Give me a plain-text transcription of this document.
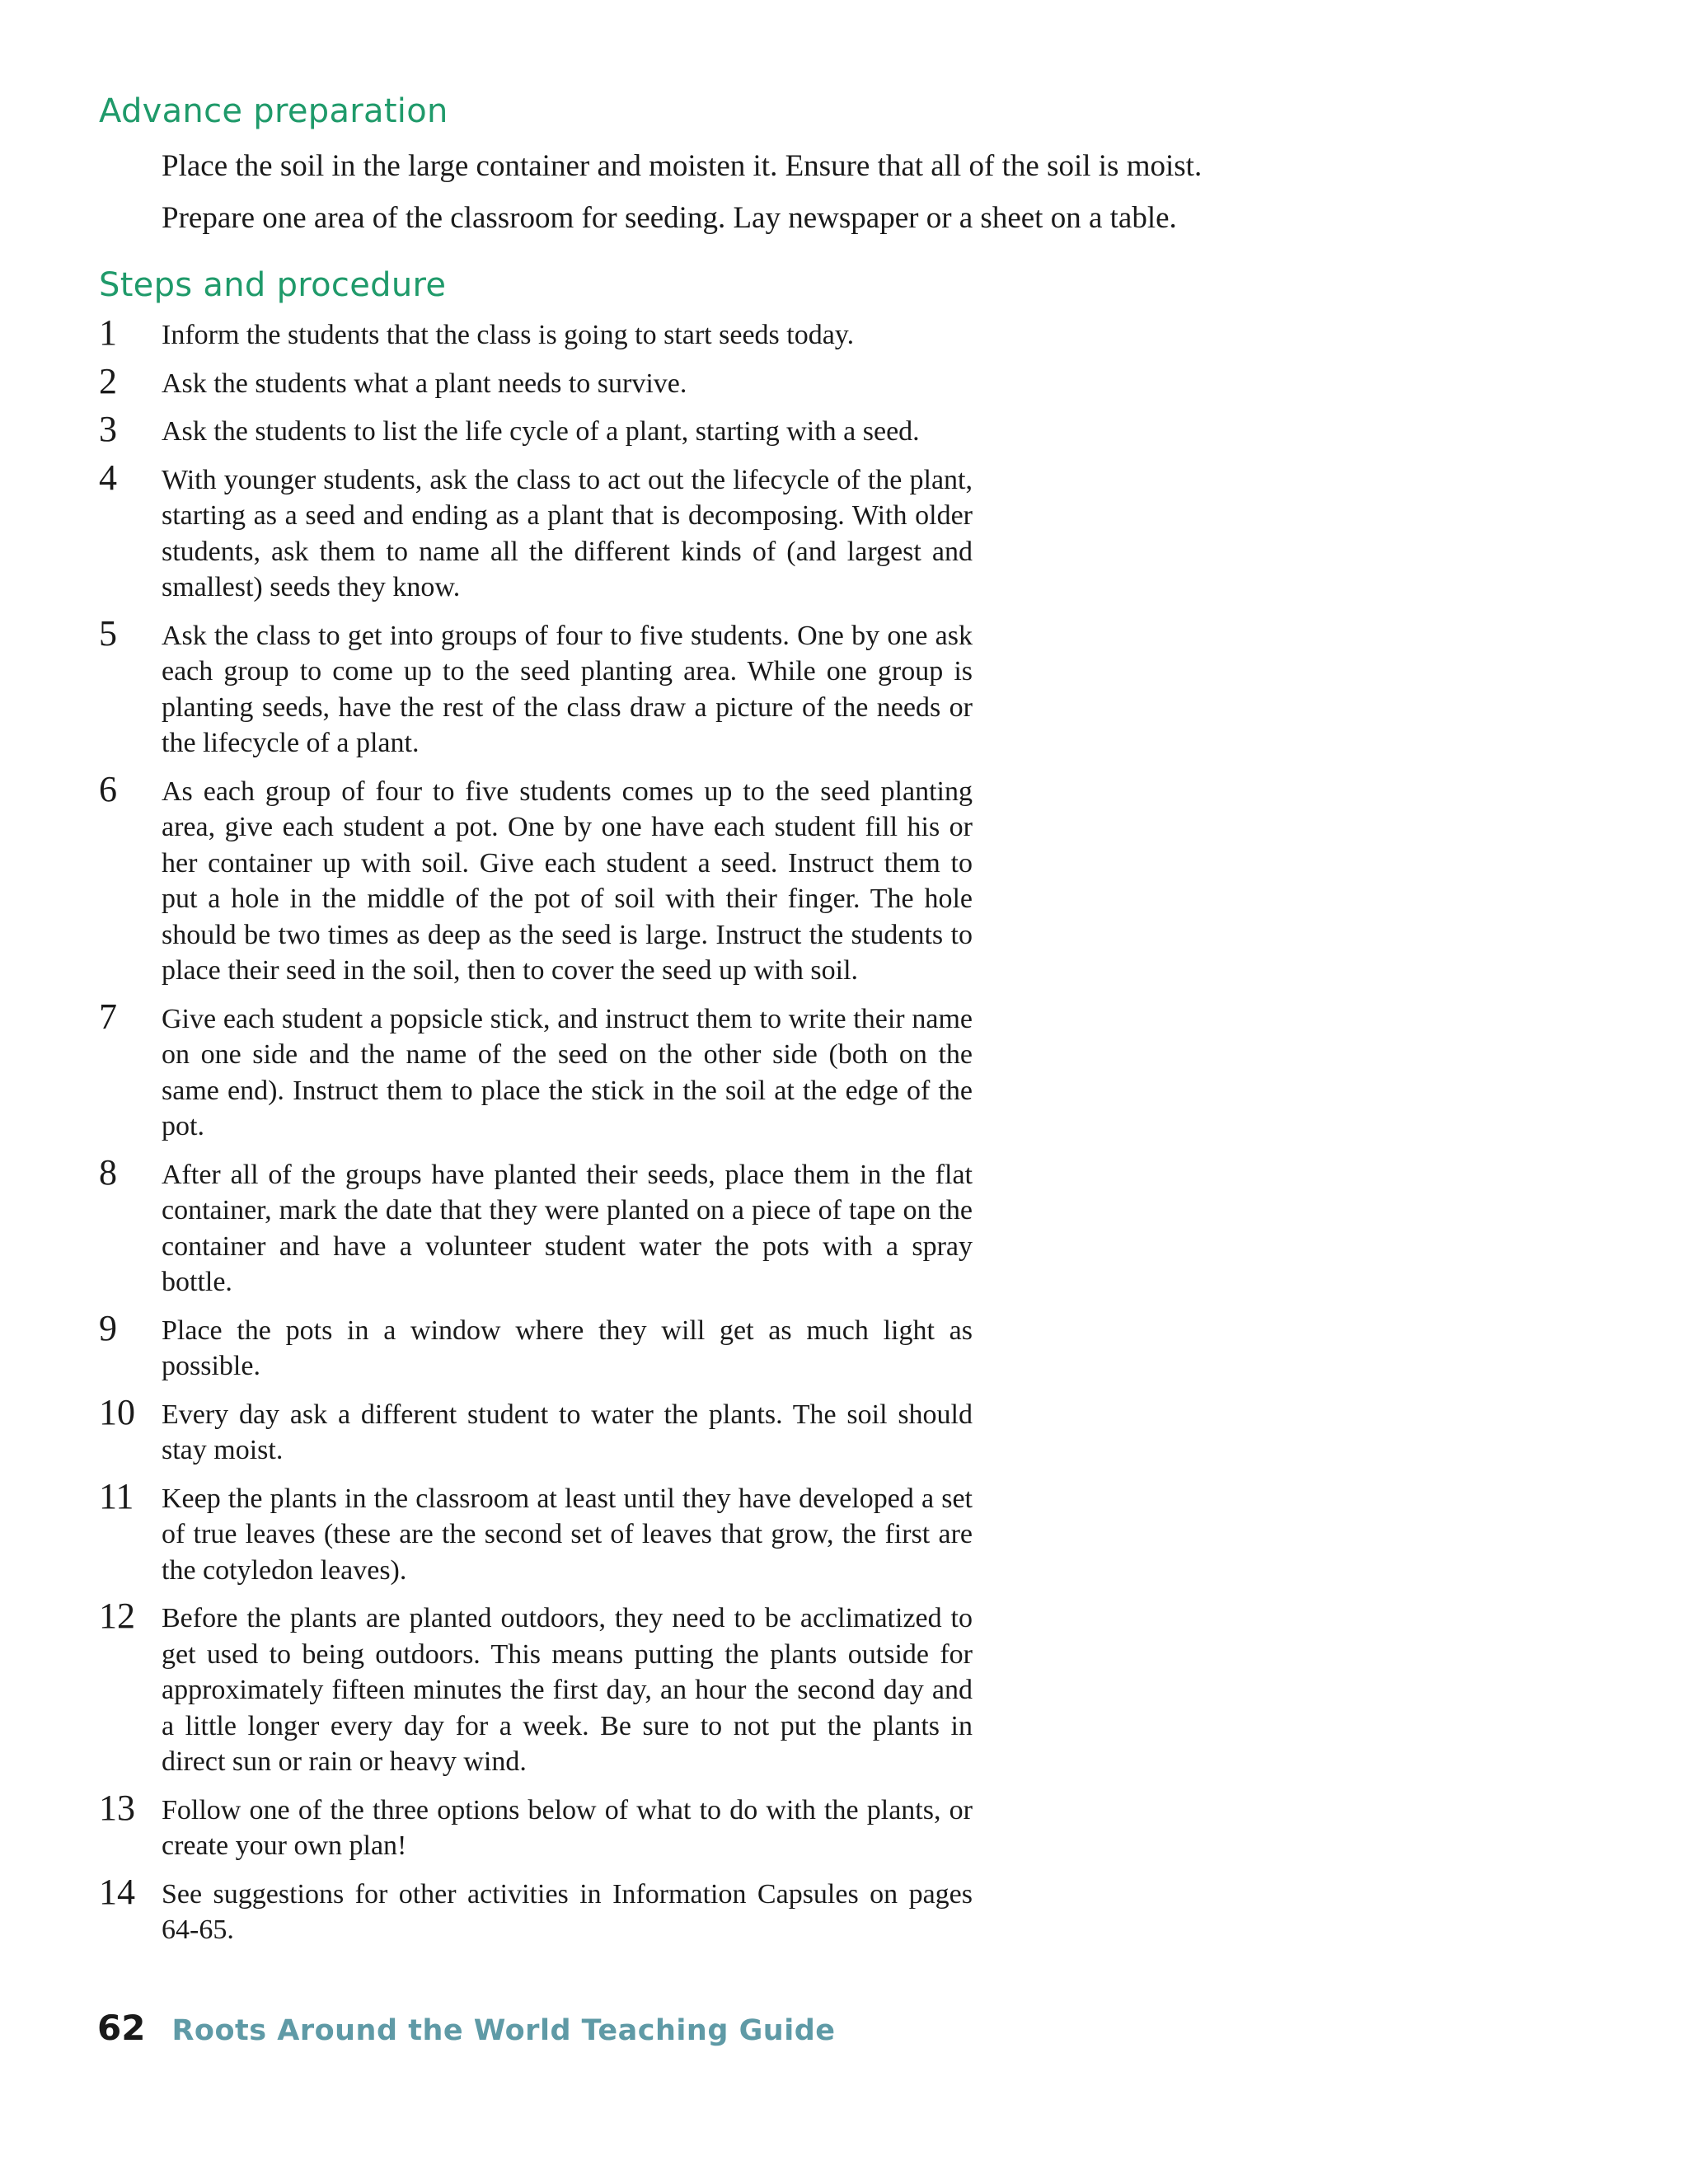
Advance preparation

Place the soil in the large container and moisten it. Ensure that all of the soil is moist.

Prepare one area of the classroom for seeding. Lay newspaper or a sheet on a table.

Steps and procedure
1 Inform the students that the class is going to start seeds today.
2 Ask the students what a plant needs to survive.
3 Ask the students to list the life cycle of a plant, starting with a seed.
4 With younger students, ask the class to act out the lifecycle of the plant, starting as a seed and ending as a plant that is decomposing. With older students, ask them to name all the different kinds of (and largest and smallest) seeds they know.
5 Ask the class to get into groups of four to five students. One by one ask each group to come up to the seed planting area. While one group is planting seeds, have the rest of the class draw a picture of the needs or the lifecycle of a plant.
6 As each group of four to five students comes up to the seed planting area, give each student a pot. One by one have each student fill his or her container up with soil. Give each student a seed. Instruct them to put a hole in the middle of the pot of soil with their finger. The hole should be two times as deep as the seed is large. Instruct the students to place their seed in the soil, then to cover the seed up with soil.
7 Give each student a popsicle stick, and instruct them to write their name on one side and the name of the seed on the other side (both on the same end). Instruct them to place the stick in the soil at the edge of the pot.
8 After all of the groups have planted their seeds, place them in the flat container, mark the date that they were planted on a piece of tape on the container and have a volunteer student water the pots with a spray bottle.
9 Place the pots in a window where they will get as much light as possible.
10 Every day ask a different student to water the plants. The soil should stay moist.
11 Keep the plants in the classroom at least until they have developed a set of true leaves (these are the second set of leaves that grow, the first are the cotyledon leaves).
12 Before the plants are planted outdoors, they need to be acclimatized to get used to being outdoors. This means putting the plants outside for approximately fifteen minutes the first day, an hour the second day and a little longer every day for a week. Be sure to not put the plants in direct sun or rain or heavy wind.
13 Follow one of the three options below of what to do with the plants, or create your own plan!
14 See suggestions for other activities in Information Capsules on pages 64-65.
62 Roots Around the World Teaching Guide
